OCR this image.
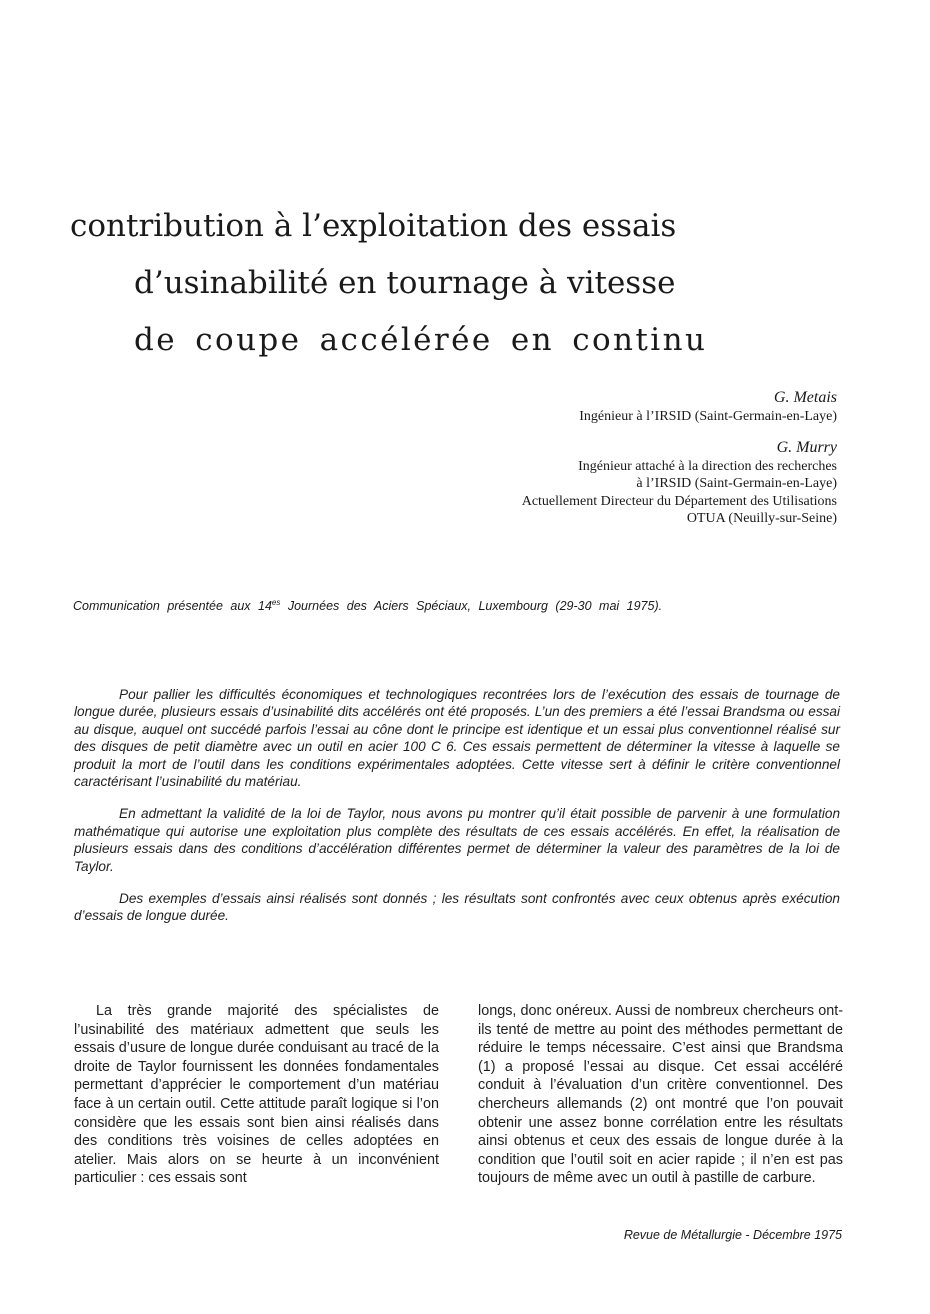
contribution à l’exploitation des essais
d’usinabilité en tournage à vitesse
de coupe accélérée en continu
G. Metais
Ingénieur à l’IRSID (Saint-Germain-en-Laye)
G. Murry
Ingénieur attaché à la direction des recherches
à l’IRSID (Saint-Germain-en-Laye)
Actuellement Directeur du Département des Utilisations
OTUA (Neuilly-sur-Seine)
Communication présentée aux $14^{es}$ Journées des Aciers Spéciaux, Luxembourg (29-30 mai 1975).

Pour pallier les difficultés économiques et technologiques recontrées lors de l’exécution des essais de tournage de longue durée, plusieurs essais d’usinabilité dits accélérés ont été proposés. L’un des premiers a été l’essai Brandsma ou essai au disque, auquel ont succédé parfois l’essai au cône dont le principe est identique et un essai plus conventionnel réalisé sur des disques de petit diamètre avec un outil en acier 100 C 6. Ces essais permettent de déterminer la vitesse à laquelle se produit la mort de l’outil dans les conditions expérimentales adoptées. Cette vitesse sert à définir le critère conventionnel caractérisant l’usinabilité du matériau.

En admettant la validité de la loi de Taylor, nous avons pu montrer qu’il était possible de parvenir à une formulation mathématique qui autorise une exploitation plus complète des résultats de ces essais accélérés. En effet, la réalisation de plusieurs essais dans des conditions d’accélération différentes permet de déterminer la valeur des paramètres de la loi de Taylor.

Des exemples d’essais ainsi réalisés sont donnés ; les résultats sont confrontés avec ceux obtenus après exécution d’essais de longue durée.

La très grande majorité des spécialistes de l’usinabilité des matériaux admettent que seuls les essais d’usure de longue durée conduisant au tracé de la droite de Taylor fournissent les données fondamentales permettant d’apprécier le comportement d’un matériau face à un certain outil. Cette attitude paraît logique si l’on considère que les essais sont bien ainsi réalisés dans des conditions très voisines de celles adoptées en atelier. Mais alors on se heurte à un inconvénient particulier : ces essais sont

longs, donc onéreux. Aussi de nombreux chercheurs ont-ils tenté de mettre au point des méthodes permettant de réduire le temps nécessaire. C’est ainsi que Brandsma (1) a proposé l’essai au disque. Cet essai accéléré conduit à l’évaluation d’un critère conventionnel. Des chercheurs allemands (2) ont montré que l’on pouvait obtenir une assez bonne corrélation entre les résultats ainsi obtenus et ceux des essais de longue durée à la condition que l’outil soit en acier rapide ; il n’en est pas toujours de même avec un outil à pastille de carbure.

Revue de Métallurgie - Décembre 1975
